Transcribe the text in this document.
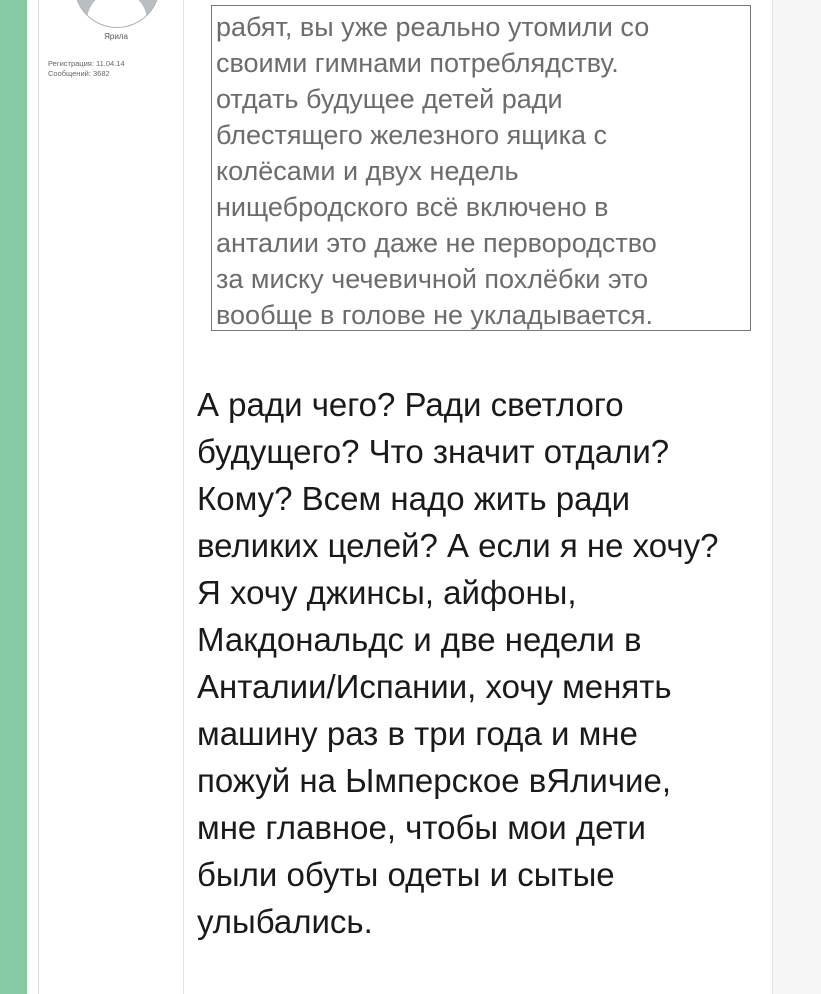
Ярила
Регистрация: 11.04.14
Сообщений: 3682
рабят, вы уже реально утомили со
своими гимнами потреблядству.
отдать будущее детей ради
блестящего железного ящика с
колёсами и двух недель
нищебродского всё включено в
анталии это даже не первородство
за миску чечевичной похлёбки это
вообще в голове не укладывается.
А ради чего? Ради светлого
будущего? Что значит отдали?
Кому? Всем надо жить ради
великих целей? А если я не хочу?
Я хочу джинсы, айфоны,
Макдональдс и две недели в
Анталии/Испании, хочу менять
машину раз в три года и мне
пожуй на Ымперское вЯличие,
мне главное, чтобы мои дети
были обуты одеты и сытые
улыбались.
